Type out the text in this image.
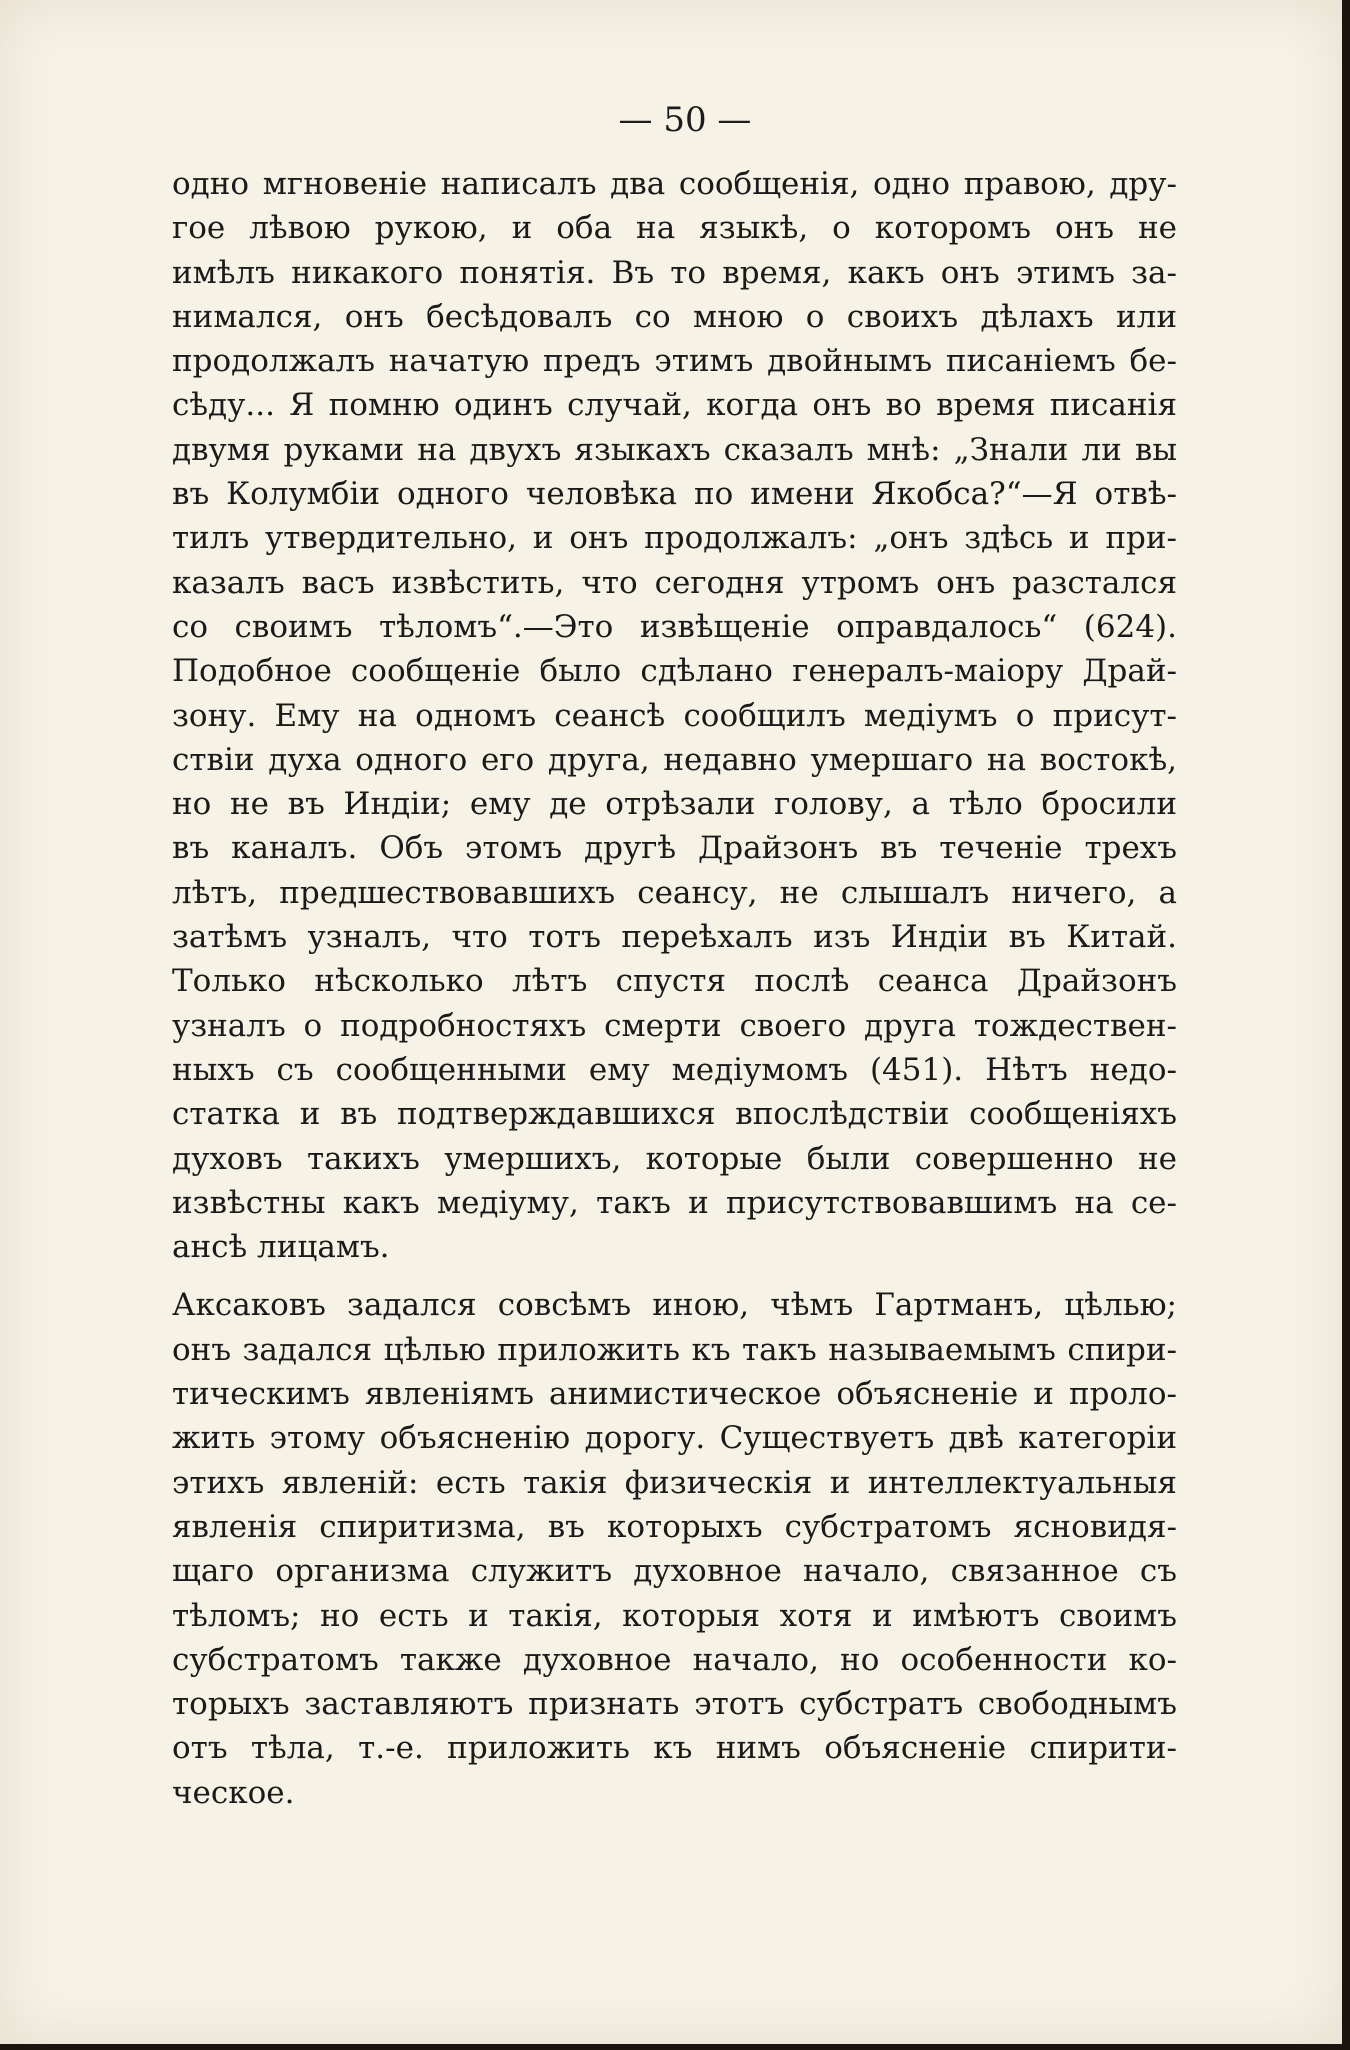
— 50 —
одно мгновенiе написалъ два сообщенiя, одно правою, дру-
гое лѣвою рукою, и оба на языкѣ, о которомъ онъ не
имѣлъ никакого понятiя. Въ то время, какъ онъ этимъ за-
нимался, онъ бесѣдовалъ со мною о своихъ дѣлахъ или
продолжалъ начатую предъ этимъ двойнымъ писанiемъ бе-
сѣду... Я помню одинъ случай, когда онъ во время писанiя
двумя руками на двухъ языкахъ сказалъ мнѣ: „Знали ли вы
въ Колумбiи одного человѣка по имени Якобса?“—Я отвѣ-
тилъ утвердительно, и онъ продолжалъ: „онъ здѣсь и при-
казалъ васъ извѣстить, что сегодня утромъ онъ разстался
со своимъ тѣломъ“.—Это извѣщенiе оправдалось“ (624).
Подобное сообщенiе было сдѣлано генералъ-маiору Драй-
зону. Ему на одномъ сеансѣ сообщилъ медiумъ о присут-
ствiи духа одного его друга, недавно умершаго на востокѣ,
но не въ Индiи; ему де отрѣзали голову, а тѣло бросили
въ каналъ. Объ этомъ другѣ Драйзонъ въ теченiе трехъ
лѣтъ, предшествовавшихъ сеансу, не слышалъ ничего, а
затѣмъ узналъ, что тотъ переѣхалъ изъ Индiи въ Китай.
Только нѣсколько лѣтъ спустя послѣ сеанса Драйзонъ
узналъ о подробностяхъ смерти своего друга тождествен-
ныхъ съ сообщенными ему медiумомъ (451). Нѣтъ недо-
статка и въ подтверждавшихся впослѣдствiи сообщенiяхъ
духовъ такихъ умершихъ, которые были совершенно не
извѣстны какъ медiуму, такъ и присутствовавшимъ на се-
ансѣ лицамъ.
Аксаковъ задался совсѣмъ иною, чѣмъ Гартманъ, цѣлью;
онъ задался цѣлью приложить къ такъ называемымъ спири-
тическимъ явленiямъ анимистическое объясненiе и проло-
жить этому объясненiю дорогу. Существуетъ двѣ категорiи
этихъ явленiй: есть такiя физическiя и интеллектуальныя
явленiя спиритизма, въ которыхъ субстратомъ ясновидя-
щаго организма служитъ духовное начало, связанное съ
тѣломъ; но есть и такiя, которыя хотя и имѣютъ своимъ
субстратомъ также духовное начало, но особенности ко-
торыхъ заставляютъ признать этотъ субстратъ свободнымъ
отъ тѣла, т.-е. приложить къ нимъ объясненiе спирити-
ческое.
